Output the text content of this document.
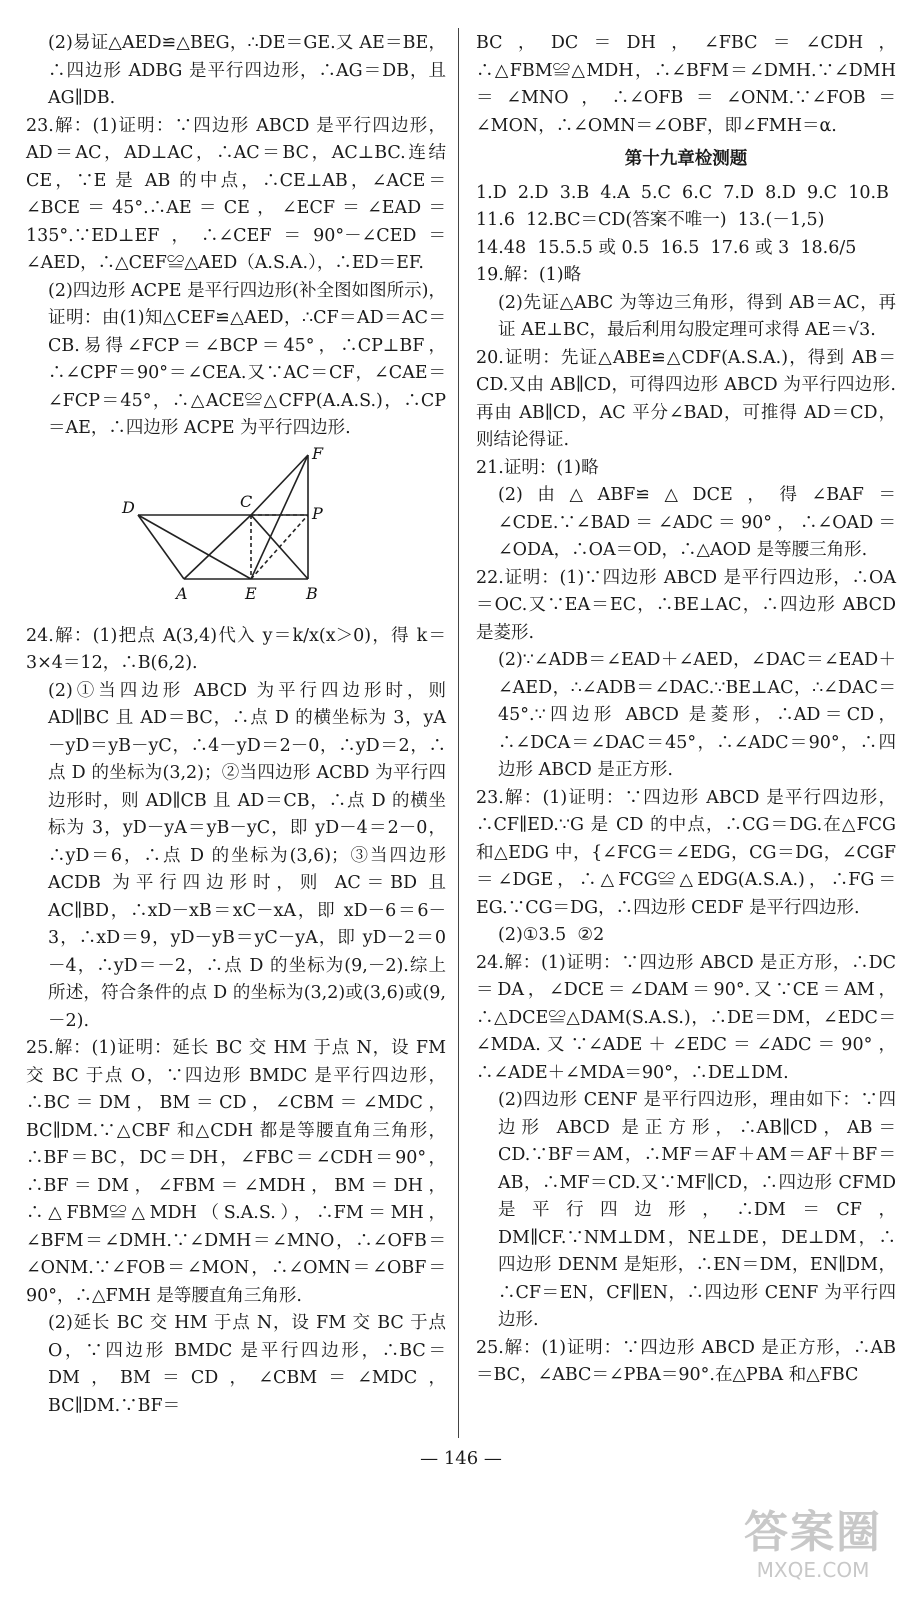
(2)易证△AED≌△BEG，∴DE＝GE.又 AE＝BE，∴四边形 ADBG 是平行四边形，∴AG＝DB，且 AG∥DB.

23.解：(1)证明：∵四边形 ABCD 是平行四边形，AD＝AC，AD⊥AC，∴AC＝BC，AC⊥BC.连结 CE，∵E 是 AB 的中点，∴CE⊥AB，∠ACE＝∠BCE＝45°.∴AE＝CE，∠ECF＝∠EAD＝135°.∵ED⊥EF，∴∠CEF＝90°－∠CED＝∠AED，∴△CEF≌△AED（A.S.A.），∴ED＝EF.

(2)四边形 ACPE 是平行四边形(补全图如图所示)，证明：由(1)知△CEF≌△AED，∴CF＝AD＝AC＝CB.易得∠FCP＝∠BCP＝45°，∴CP⊥BF，∴∠CPF＝90°＝∠CEA.又∵AC＝CF，∠CAE＝∠FCP＝45°，∴△ACE≌△CFP(A.A.S.)，∴CP＝AE，∴四边形 ACPE 为平行四边形.

D	C
F
P
A	E	B

24.解：(1)把点 A(3,4)代入 y＝k/x(x＞0)，得 k＝3×4＝12，∴B(6,2).

(2)①当四边形 ABCD 为平行四边形时，则 AD∥BC 且 AD＝BC，∴点 D 的横坐标为 3，yA－yD＝yB－yC，∴4－yD＝2－0，∴yD＝2，∴点 D 的坐标为(3,2)；②当四边形 ACBD 为平行四边形时，则 AD∥CB 且 AD＝CB，∴点 D 的横坐标为 3，yD－yA＝yB－yC，即 yD－4＝2－0，∴yD＝6，∴点 D 的坐标为(3,6)；③当四边形 ACDB 为平行四边形时，则 AC＝BD 且 AC∥BD，∴xD－xB＝xC－xA，即 xD－6＝6－3，∴xD＝9，yD－yB＝yC－yA，即 yD－2＝0－4，∴yD＝－2，∴点 D 的坐标为(9,－2).综上所述，符合条件的点 D 的坐标为(3,2)或(3,6)或(9,－2).

25.解：(1)证明：延长 BC 交 HM 于点 N，设 FM 交 BC 于点 O，∵四边形 BMDC 是平行四边形，∴BC＝DM，BM＝CD，∠CBM＝∠MDC，BC∥DM.∵△CBF 和△CDH 都是等腰直角三角形，∴BF＝BC，DC＝DH，∠FBC＝∠CDH＝90°，∴BF＝DM，∠FBM＝∠MDH，BM＝DH，∴△FBM≌△MDH（S.A.S.），∴FM＝MH，∠BFM＝∠DMH.∵∠DMH＝∠MNO，∴∠OFB＝∠ONM.∵∠FOB＝∠MON，∴∠OMN＝∠OBF＝90°，∴△FMH 是等腰直角三角形.

(2)延长 BC 交 HM 于点 N，设 FM 交 BC 于点 O，∵四边形 BMDC 是平行四边形，∴BC＝DM，BM＝CD，∠CBM＝∠MDC，BC∥DM.∵BF＝

BC，DC＝DH，∠FBC＝∠CDH，∴△FBM≌△MDH，∴∠BFM＝∠DMH.∵∠DMH＝∠MNO，∴∠OFB＝∠ONM.∵∠FOB＝∠MON，∴∠OMN＝∠OBF，即∠FMH＝α.

第十九章检测题

1.D  2.D  3.B  4.A  5.C  6.C  7.D  8.D  9.C  10.B

11.6  12.BC＝CD(答案不唯一)  13.(－1,5)

14.48  15.5.5 或 0.5  16.5  17.6 或 3  18.6/5

19.解：(1)略

(2)先证△ABC 为等边三角形，得到 AB＝AC，再证 AE⊥BC，最后利用勾股定理可求得 AE＝√3.

20.证明：先证△ABE≌△CDF(A.S.A.)，得到 AB＝CD.又由 AB∥CD，可得四边形 ABCD 为平行四边形.再由 AB∥CD，AC 平分∠BAD，可推得 AD＝CD，则结论得证.

21.证明：(1)略

(2)由△ABF≌△DCE，得∠BAF＝∠CDE.∵∠BAD＝∠ADC＝90°，∴∠OAD＝∠ODA，∴OA＝OD，∴△AOD 是等腰三角形.

22.证明：(1)∵四边形 ABCD 是平行四边形，∴OA＝OC.又∵EA＝EC，∴BE⊥AC，∴四边形 ABCD 是菱形.

(2)∵∠ADB＝∠EAD＋∠AED，∠DAC＝∠EAD＋∠AED，∴∠ADB＝∠DAC.∵BE⊥AC，∴∠DAC＝45°.∵四边形 ABCD 是菱形，∴AD＝CD，∴∠DCA＝∠DAC＝45°，∴∠ADC＝90°，∴四边形 ABCD 是正方形.

23.解：(1)证明：∵四边形 ABCD 是平行四边形，∴CF∥ED.∵G 是 CD 的中点，∴CG＝DG.在△FCG 和△EDG 中，{∠FCG＝∠EDG，CG＝DG，∠CGF＝∠DGE，∴△FCG≌△EDG(A.S.A.)，∴FG＝EG.∵CG＝DG，∴四边形 CEDF 是平行四边形.

(2)①3.5  ②2

24.解：(1)证明：∵四边形 ABCD 是正方形，∴DC＝DA，∠DCE＝∠DAM＝90°.又∵CE＝AM，∴△DCE≌△DAM(S.A.S.)，∴DE＝DM，∠EDC＝∠MDA.又∵∠ADE＋∠EDC＝∠ADC＝90°，∴∠ADE＋∠MDA＝90°，∴DE⊥DM.

(2)四边形 CENF 是平行四边形，理由如下：∵四边形 ABCD 是正方形，∴AB∥CD，AB＝CD.∵BF＝AM，∴MF＝AF＋AM＝AF＋BF＝AB，∴MF＝CD.又∵MF∥CD，∴四边形 CFMD 是平行四边形，∴DM＝CF，DM∥CF.∵NM⊥DM，NE⊥DE，DE⊥DM，∴四边形 DENM 是矩形，∴EN＝DM，EN∥DM，∴CF＝EN，CF∥EN，∴四边形 CENF 为平行四边形.

25.解：(1)证明：∵四边形 ABCD 是正方形，∴AB＝BC，∠ABC＝∠PBA＝90°.在△PBA 和△FBC

— 146 —
答案圈
MXQE.COM
